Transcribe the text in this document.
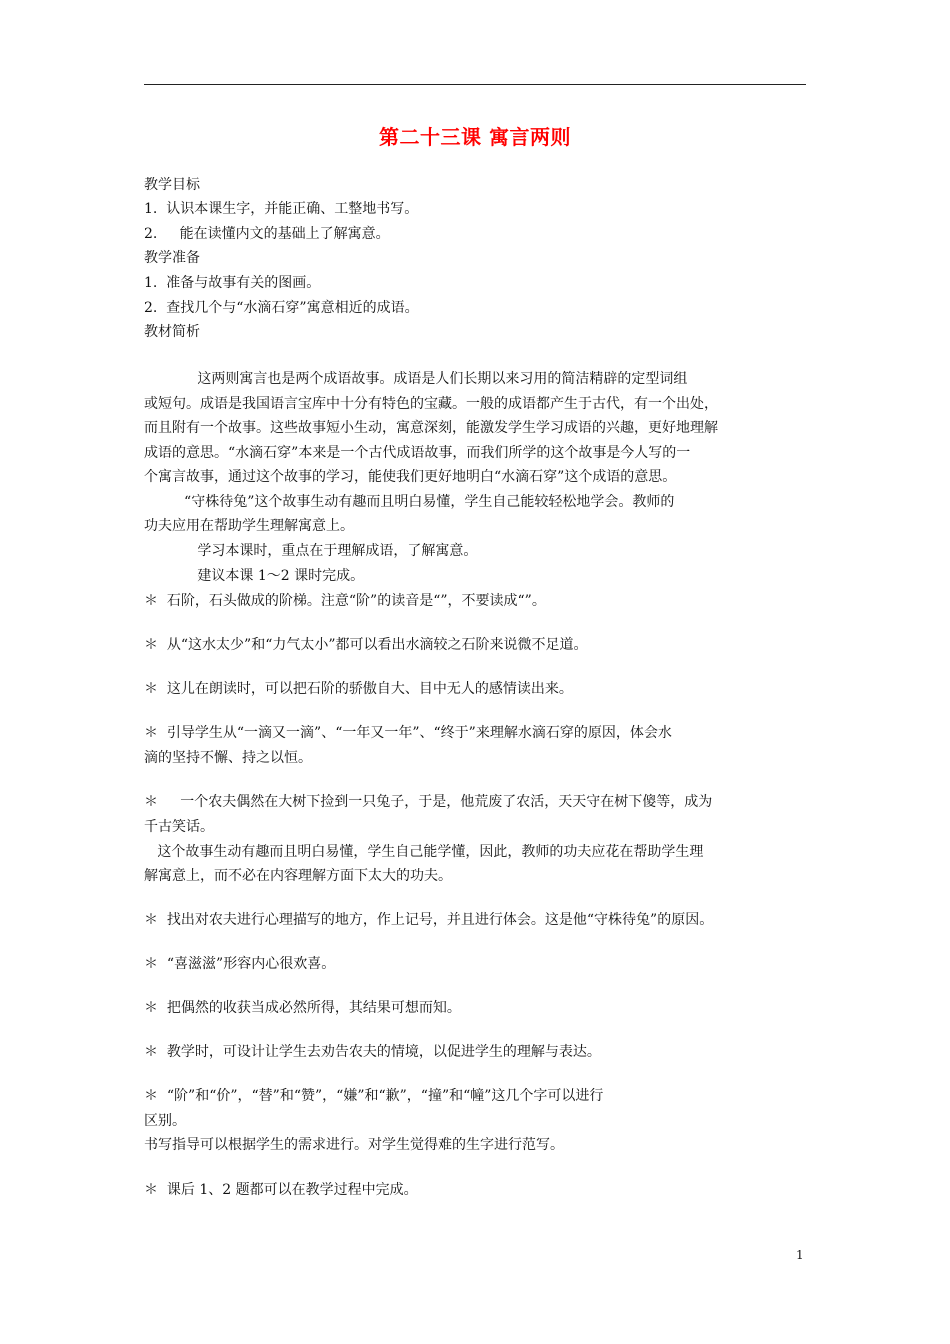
第二十三课 寓言两则
教学目标
1.  认识本课生字，并能正确、工整地书写。
2.     能在读懂内文的基础上了解寓意。
教学准备
1.  准备与故事有关的图画。
2.  查找几个与“水滴石穿”寓意相近的成语。
教材简析
这两则寓言也是两个成语故事。成语是人们长期以来习用的简洁精辟的定型词组
或短句。成语是我国语言宝库中十分有特色的宝藏。一般的成语都产生于古代，有一个出处，
而且附有一个故事。这些故事短小生动，寓意深刻，能激发学生学习成语的兴趣，更好地理解
成语的意思。“水滴石穿”本来是一个古代成语故事，而我们所学的这个故事是今人写的一
个寓言故事，通过这个故事的学习，能使我们更好地明白“水滴石穿”这个成语的意思。
“守株待兔”这个故事生动有趣而且明白易懂，学生自己能较轻松地学会。教师的
功夫应用在帮助学生理解寓意上。
学习本课时，重点在于理解成语，了解寓意。
建议本课 1～2 课时完成。
＊  石阶，石头做成的阶梯。注意“阶”的读音是“”，不要读成“”。
＊  从“这水太少”和“力气太小”都可以看出水滴较之石阶来说微不足道。
＊  这儿在朗读时，可以把石阶的骄傲自大、目中无人的感情读出来。
＊  引导学生从“一滴又一滴”、“一年又一年”、“终于”来理解水滴石穿的原因，体会水
滴的坚持不懈、持之以恒。
＊     一个农夫偶然在大树下捡到一只兔子，于是，他荒废了农活，天天守在树下傻等，成为
千古笑话。
这个故事生动有趣而且明白易懂，学生自己能学懂，因此，教师的功夫应花在帮助学生理
解寓意上，而不必在内容理解方面下太大的功夫。
＊  找出对农夫进行心理描写的地方，作上记号，并且进行体会。这是他“守株待兔”的原因。
＊  “喜滋滋”形容内心很欢喜。
＊  把偶然的收获当成必然所得，其结果可想而知。
＊  教学时，可设计让学生去劝告农夫的情境，以促进学生的理解与表达。
＊  “阶”和“价”，“替”和“赞”，“嫌”和“歉”，“撞”和“幢”这几个字可以进行
区别。
书写指导可以根据学生的需求进行。对学生觉得难的生字进行范写。
＊  课后 1、2 题都可以在教学过程中完成。
1
